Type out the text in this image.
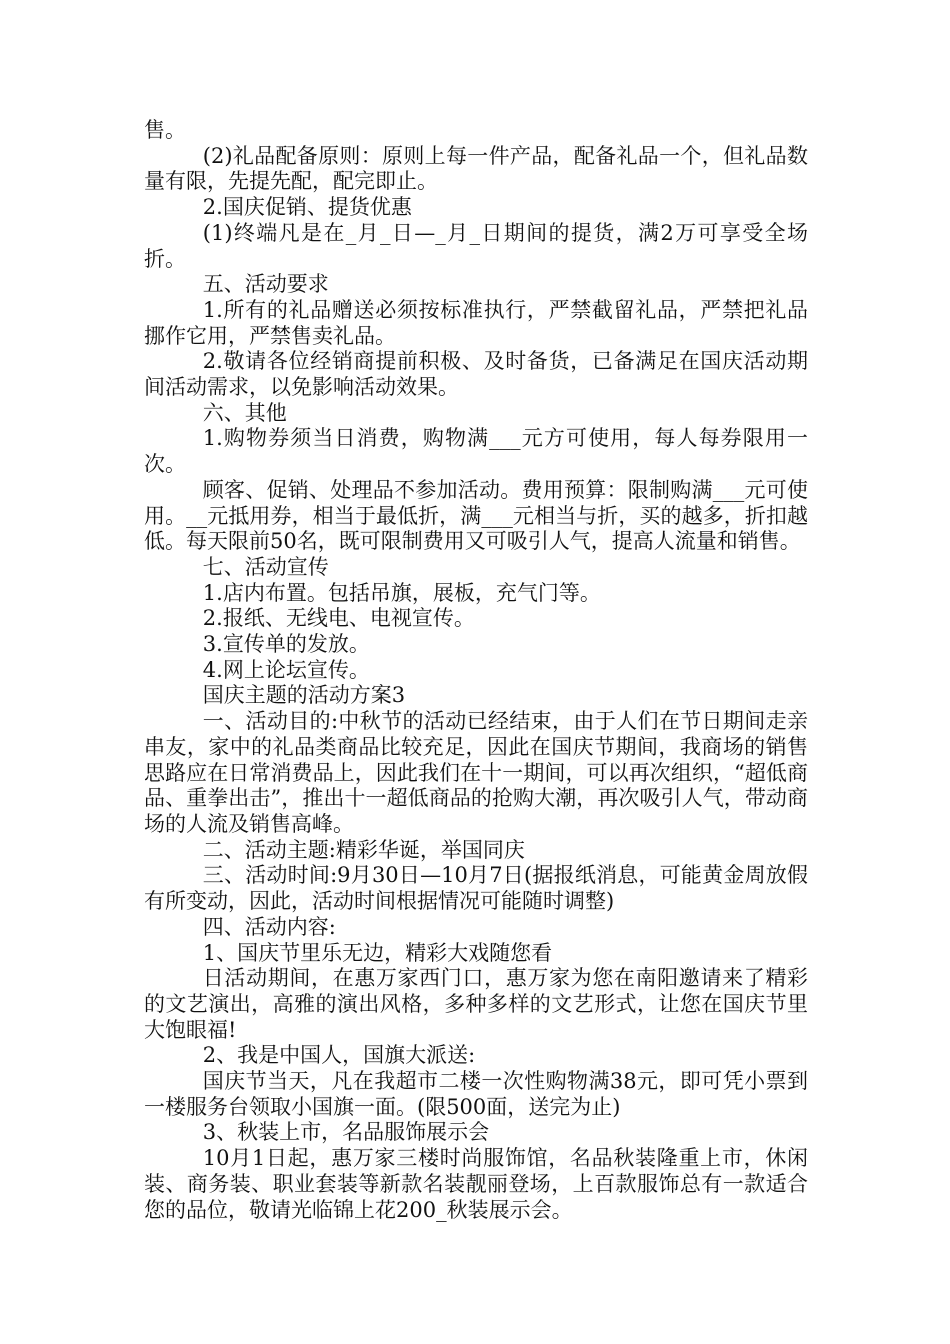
售。

(2)礼品配备原则：原则上每一件产品，配备礼品一个，但礼品数量有限，先提先配，配完即止。

2.国庆促销、提货优惠

(1)终端凡是在_月_日—_月_日期间的提货，满2万可享受全场折。

五、活动要求

1.所有的礼品赠送必须按标准执行，严禁截留礼品，严禁把礼品挪作它用，严禁售卖礼品。

2.敬请各位经销商提前积极、及时备货，已备满足在国庆活动期间活动需求，以免影响活动效果。

六、其他

1.购物券须当日消费，购物满___元方可使用，每人每券限用一次。

顾客、促销、处理品不参加活动。费用预算：限制购满___元可使用。__元抵用券，相当于最低折，满___元相当与折，买的越多，折扣越低。每天限前50名，既可限制费用又可吸引人气，提高人流量和销售。

七、活动宣传

1.店内布置。包括吊旗，展板，充气门等。

2.报纸、无线电、电视宣传。

3.宣传单的发放。

4.网上论坛宣传。

国庆主题的活动方案3

一、活动目的:中秋节的活动已经结束，由于人们在节日期间走亲串友，家中的礼品类商品比较充足，因此在国庆节期间，我商场的销售思路应在日常消费品上，因此我们在十一期间，可以再次组织，“超低商品、重拳出击”，推出十一超低商品的抢购大潮，再次吸引人气，带动商场的人流及销售高峰。

二、活动主题:精彩华诞，举国同庆

三、活动时间:9月30日—10月7日(据报纸消息，可能黄金周放假有所变动，因此，活动时间根据情况可能随时调整)

四、活动内容:

1、国庆节里乐无边，精彩大戏随您看

日活动期间，在惠万家西门口，惠万家为您在南阳邀请来了精彩的文艺演出，高雅的演出风格，多种多样的文艺形式，让您在国庆节里大饱眼福!

2、我是中国人，国旗大派送:

国庆节当天，凡在我超市二楼一次性购物满38元，即可凭小票到一楼服务台领取小国旗一面。(限500面，送完为止)

3、秋装上市，名品服饰展示会

10月1日起，惠万家三楼时尚服饰馆，名品秋装隆重上市，休闲装、商务装、职业套装等新款名装靓丽登场，上百款服饰总有一款适合您的品位，敬请光临锦上花200_秋装展示会。
